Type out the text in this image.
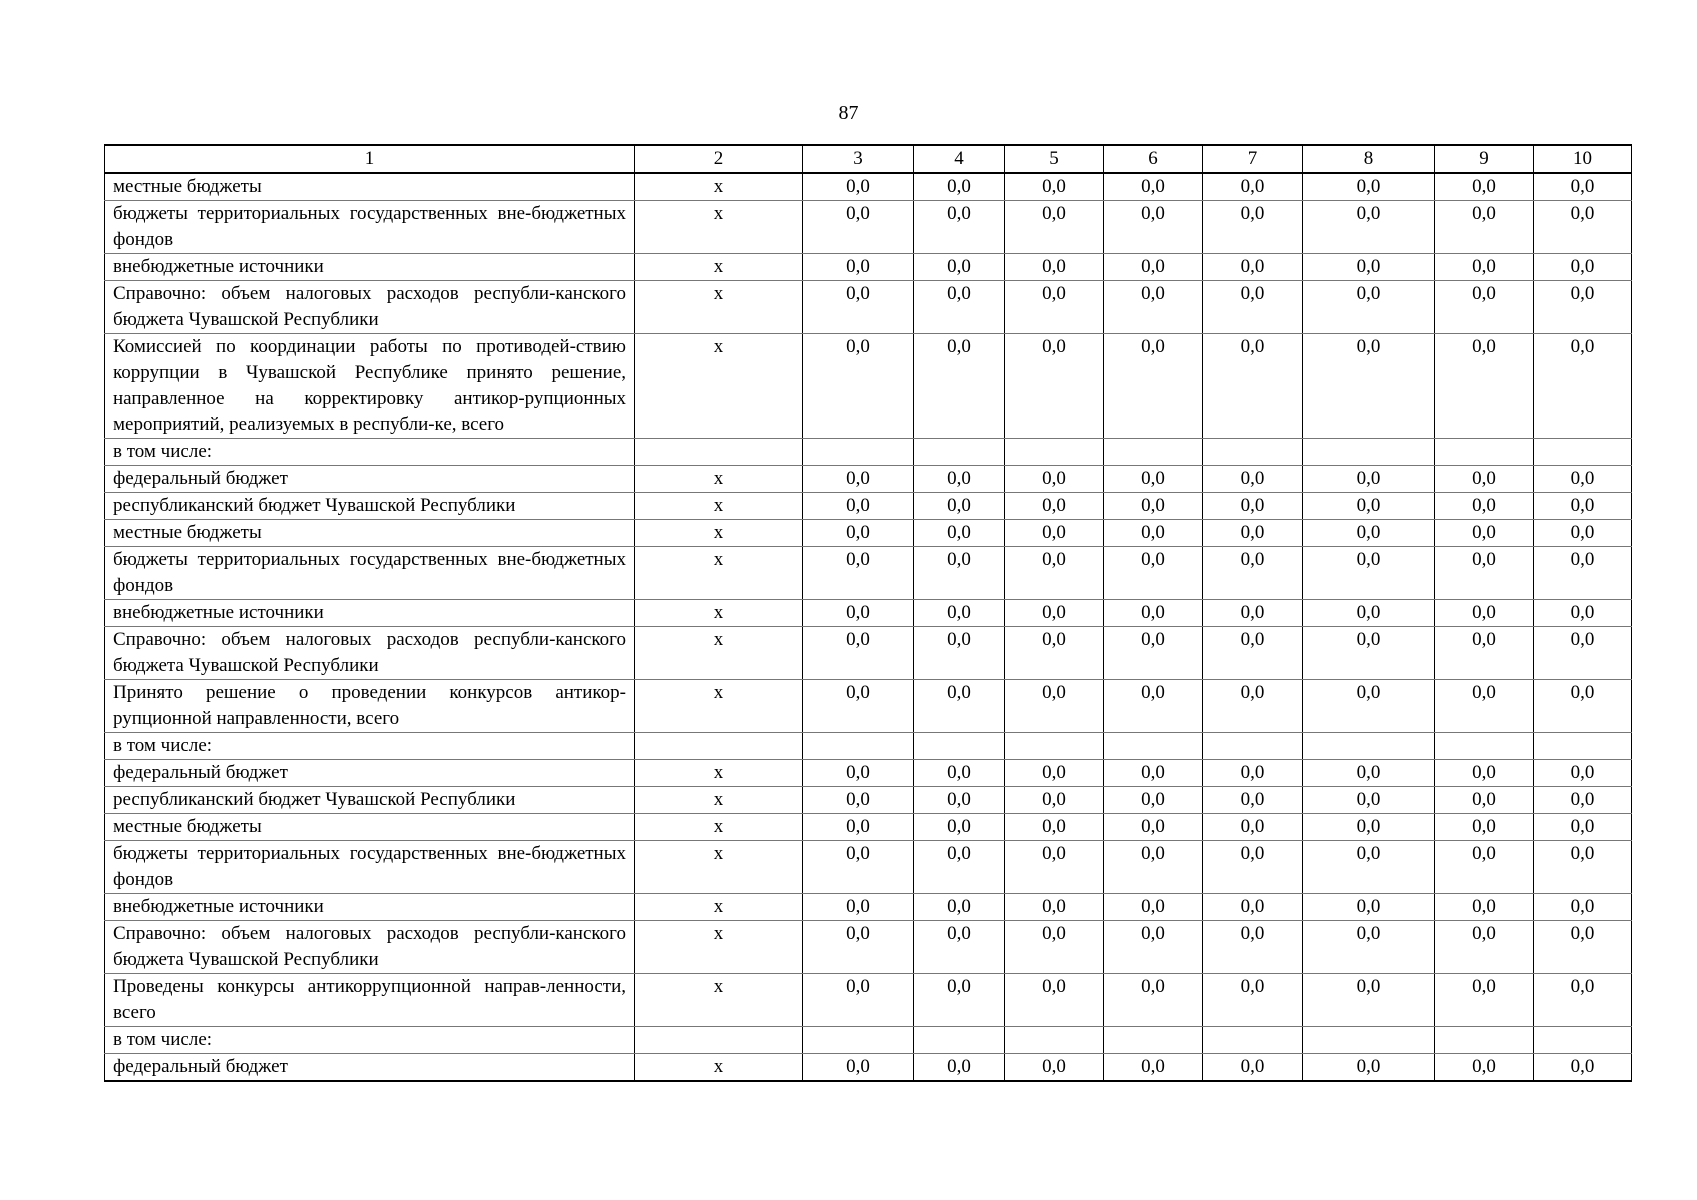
87
1	2	3	4	5	6	7	8	9	10
местные бюджеты	x	0,0	0,0	0,0	0,0	0,0	0,0	0,0	0,0
бюджеты территориальных государственных вне-бюджетных фондов	x	0,0	0,0	0,0	0,0	0,0	0,0	0,0	0,0
внебюджетные источники	x	0,0	0,0	0,0	0,0	0,0	0,0	0,0	0,0
Справочно: объем налоговых расходов республи-канского бюджета Чувашской Республики	x	0,0	0,0	0,0	0,0	0,0	0,0	0,0	0,0
Комиссией по координации работы по противодей-ствию коррупции в Чувашской Республике принято решение, направленное на корректировку антикор-рупционных мероприятий, реализуемых в республи-ке, всего	x	0,0	0,0	0,0	0,0	0,0	0,0	0,0	0,0
в том числе:									
федеральный бюджет	x	0,0	0,0	0,0	0,0	0,0	0,0	0,0	0,0
республиканский бюджет Чувашской Республики	x	0,0	0,0	0,0	0,0	0,0	0,0	0,0	0,0
местные бюджеты	x	0,0	0,0	0,0	0,0	0,0	0,0	0,0	0,0
бюджеты территориальных государственных вне-бюджетных фондов	x	0,0	0,0	0,0	0,0	0,0	0,0	0,0	0,0
внебюджетные источники	x	0,0	0,0	0,0	0,0	0,0	0,0	0,0	0,0
Справочно: объем налоговых расходов республи-канского бюджета Чувашской Республики	x	0,0	0,0	0,0	0,0	0,0	0,0	0,0	0,0
Принято решение о проведении конкурсов антикор-рупционной направленности, всего	x	0,0	0,0	0,0	0,0	0,0	0,0	0,0	0,0
в том числе:									
федеральный бюджет	x	0,0	0,0	0,0	0,0	0,0	0,0	0,0	0,0
республиканский бюджет Чувашской Республики	x	0,0	0,0	0,0	0,0	0,0	0,0	0,0	0,0
местные бюджеты	x	0,0	0,0	0,0	0,0	0,0	0,0	0,0	0,0
бюджеты территориальных государственных вне-бюджетных фондов	x	0,0	0,0	0,0	0,0	0,0	0,0	0,0	0,0
внебюджетные источники	x	0,0	0,0	0,0	0,0	0,0	0,0	0,0	0,0
Справочно: объем налоговых расходов республи-канского бюджета Чувашской Республики	x	0,0	0,0	0,0	0,0	0,0	0,0	0,0	0,0
Проведены конкурсы антикоррупционной направ-ленности, всего	x	0,0	0,0	0,0	0,0	0,0	0,0	0,0	0,0
в том числе:									
федеральный бюджет	x	0,0	0,0	0,0	0,0	0,0	0,0	0,0	0,0
